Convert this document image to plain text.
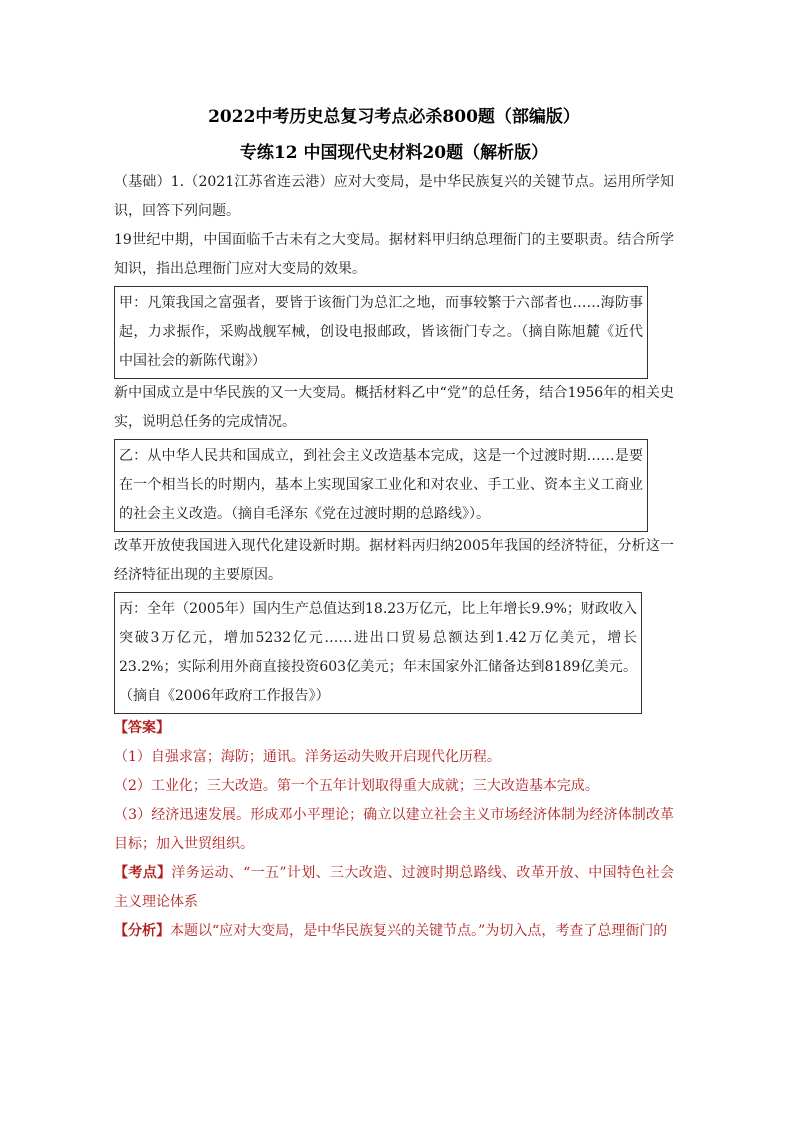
2022中考历史总复习考点必杀800题（部编版）

专练12 中国现代史材料20题（解析版）

（基础）1.（2021江苏省连云港）应对大变局，是中华民族复兴的关键节点。运用所学知识，回答下列问题。

19世纪中期，中国面临千古未有之大变局。据材料甲归纳总理衙门的主要职责。结合所学知识，指出总理衙门应对大变局的效果。

甲：凡策我国之富强者，要皆于该衙门为总汇之地，而事较繁于六部者也……海防事起，力求振作，采购战舰军械，创设电报邮政，皆该衙门专之。（摘自陈旭麓《近代中国社会的新陈代谢》）

新中国成立是中华民族的又一大变局。概括材料乙中“党”的总任务，结合1956年的相关史实，说明总任务的完成情况。

乙：从中华人民共和国成立，到社会主义改造基本完成，这是一个过渡时期……是要在一个相当长的时期内，基本上实现国家工业化和对农业、手工业、资本主义工商业的社会主义改造。（摘自毛泽东《党在过渡时期的总路线》）。

改革开放使我国进入现代化建设新时期。据材料丙归纳2005年我国的经济特征，分析这一经济特征出现的主要原因。

丙：全年（2005年）国内生产总值达到18.23万亿元，比上年增长9.9%；财政收入突破3万亿元，增加5232亿元……进出口贸易总额达到1.42万亿美元，增长23.2%；实际利用外商直接投资603亿美元；年末国家外汇储备达到8189亿美元。（摘自《2006年政府工作报告》）
【答案】

（1）自强求富；海防；通讯。洋务运动失败开启现代化历程。

（2）工业化；三大改造。第一个五年计划取得重大成就；三大改造基本完成。

（3）经济迅速发展。形成邓小平理论；确立以建立社会主义市场经济体制为经济体制改革目标；加入世贸组织。

【考点】洋务运动、“一五”计划、三大改造、过渡时期总路线、改革开放、中国特色社会主义理论体系

【分析】本题以“应对大变局，是中华民族复兴的关键节点。”为切入点，考查了总理衙门的
